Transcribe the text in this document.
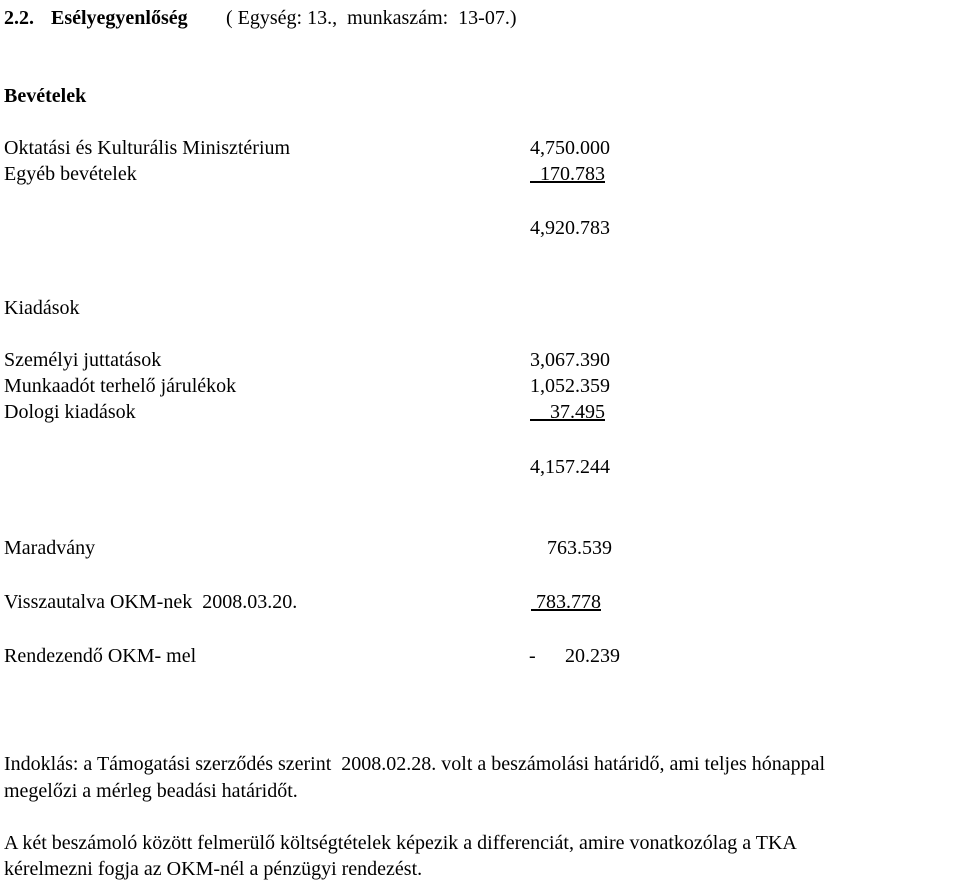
2.2. Esélyegyenlőség ( Egység: 13.,  munkaszám:  13-07.)
Bevételek
Oktatási és Kulturális Minisztérium	4,750.000
Egyéb bevételek	170.783
4,920.783
Kiadások
Személyi juttatások	3,067.390
Munkaadót terhelő járulékok	1,052.359
Dologi kiadások	37.495
4,157.244
Maradvány	763.539
Visszautalva OKM-nek  2008.03.20.	783.778
Rendezendő OKM- mel	- 20.239
Indoklás: a Támogatási szerződés szerint  2008.02.28. volt a beszámolási határidő, ami teljes hónappal
megelőzi a mérleg beadási határidőt.
A két beszámoló között felmerülő költségtételek képezik a differenciát, amire vonatkozólag a TKA
kérelmezni fogja az OKM-nél a pénzügyi rendezést.
